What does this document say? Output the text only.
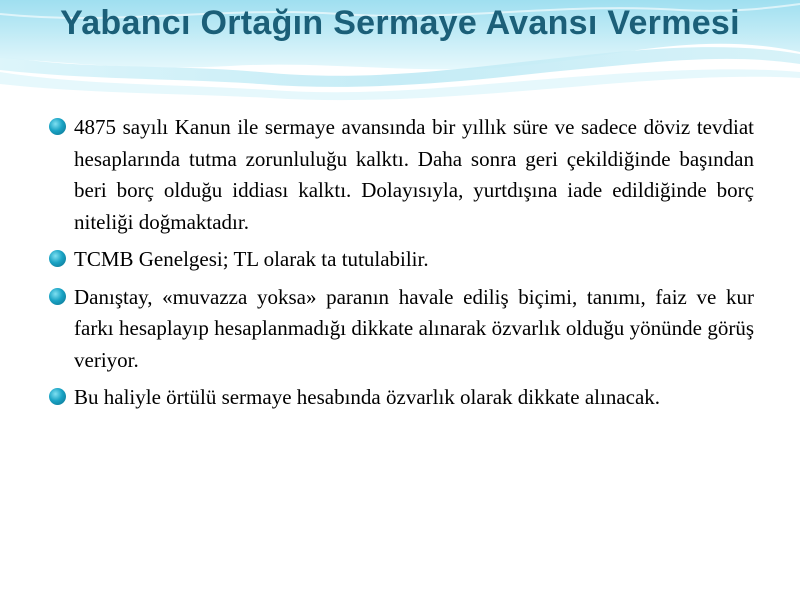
Yabancı Ortağın Sermaye Avansı Vermesi

4875 sayılı Kanun ile sermaye avansında bir yıllık süre ve sadece döviz tevdiat hesaplarında tutma zorunluluğu kalktı. Daha sonra geri çekildiğinde başından beri borç olduğu iddiası kalktı. Dolayısıyla, yurtdışına iade edildiğinde borç niteliği doğmaktadır.

TCMB Genelgesi; TL olarak ta tutulabilir.

Danıştay, «muvazza yoksa» paranın havale ediliş biçimi, tanımı, faiz ve kur farkı hesaplayıp hesaplanmadığı dikkate alınarak özvarlık olduğu yönünde görüş veriyor.

Bu haliyle örtülü sermaye hesabında özvarlık olarak dikkate alınacak.
